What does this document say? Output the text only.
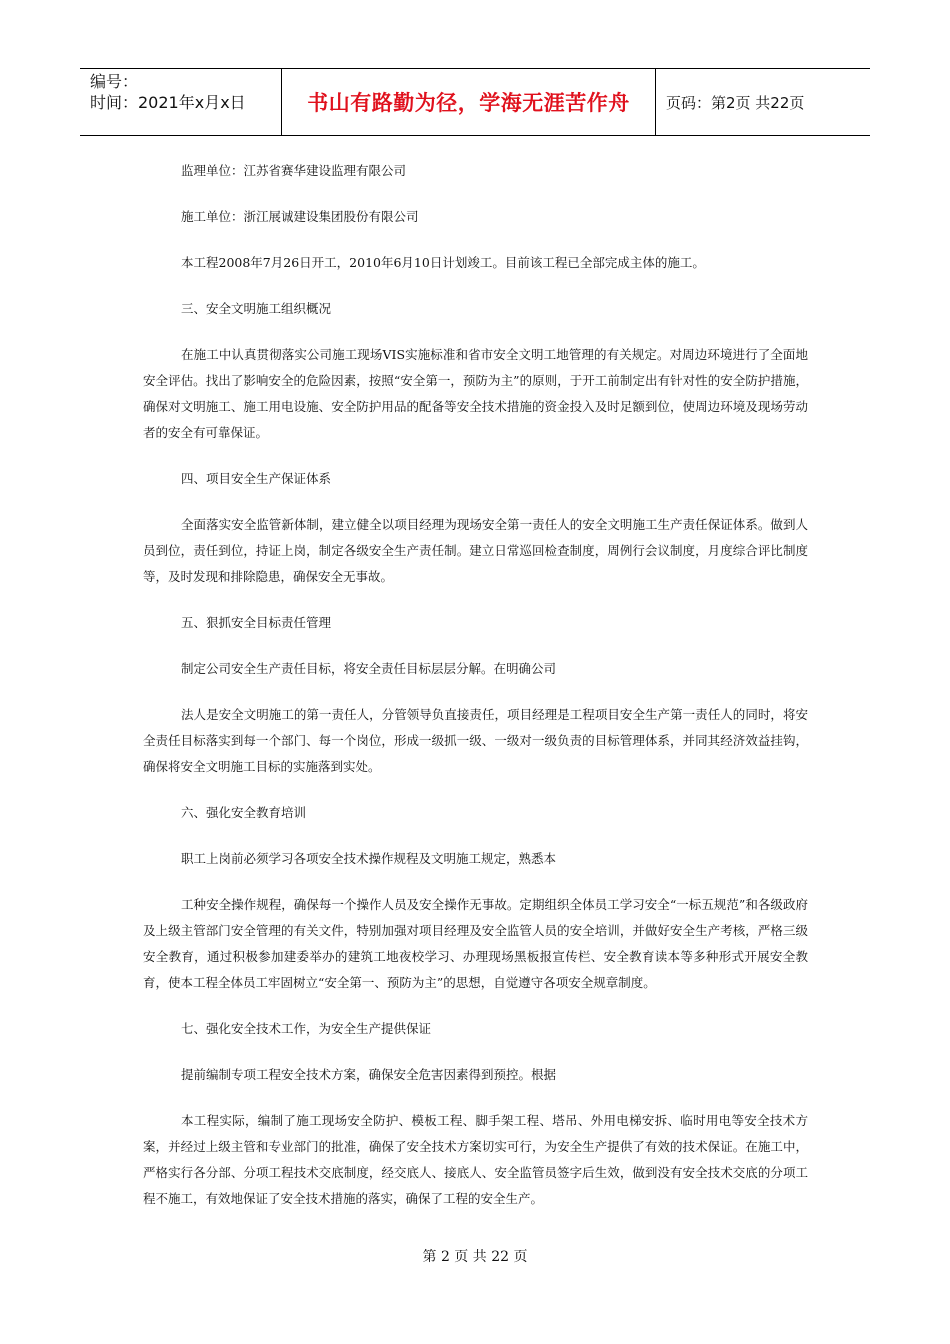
编号：
时间：2021年x月x日	书山有路勤为径，学海无涯苦作舟	页码：第2页 共22页

监理单位：江苏省赛华建设监理有限公司

施工单位：浙江展诚建设集团股份有限公司

本工程2008年7月26日开工，2010年6月10日计划竣工。目前该工程已全部完成主体的施工。

三、安全文明施工组织概况

在施工中认真贯彻落实公司施工现场VIS实施标准和省市安全文明工地管理的有关规定。对周边环境进行了全面地安全评估。找出了影响安全的危险因素，按照“安全第一，预防为主”的原则，于开工前制定出有针对性的安全防护措施，确保对文明施工、施工用电设施、安全防护用品的配备等安全技术措施的资金投入及时足额到位，使周边环境及现场劳动者的安全有可靠保证。

四、项目安全生产保证体系

全面落实安全监管新体制，建立健全以项目经理为现场安全第一责任人的安全文明施工生产责任保证体系。做到人员到位，责任到位，持证上岗，制定各级安全生产责任制。建立日常巡回检查制度，周例行会议制度，月度综合评比制度等，及时发现和排除隐患，确保安全无事故。

五、狠抓安全目标责任管理

制定公司安全生产责任目标，将安全责任目标层层分解。在明确公司

法人是安全文明施工的第一责任人，分管领导负直接责任，项目经理是工程项目安全生产第一责任人的同时，将安全责任目标落实到每一个部门、每一个岗位，形成一级抓一级、一级对一级负责的目标管理体系，并同其经济效益挂钩，确保将安全文明施工目标的实施落到实处。

六、强化安全教育培训

职工上岗前必须学习各项安全技术操作规程及文明施工规定，熟悉本

工种安全操作规程，确保每一个操作人员及安全操作无事故。定期组织全体员工学习安全“一标五规范”和各级政府及上级主管部门安全管理的有关文件，特别加强对项目经理及安全监管人员的安全培训，并做好安全生产考核，严格三级安全教育，通过积极参加建委举办的建筑工地夜校学习、办理现场黑板报宣传栏、安全教育读本等多种形式开展安全教育，使本工程全体员工牢固树立“安全第一、预防为主”的思想，自觉遵守各项安全规章制度。

七、强化安全技术工作，为安全生产提供保证

提前编制专项工程安全技术方案，确保安全危害因素得到预控。根据

本工程实际，编制了施工现场安全防护、模板工程、脚手架工程、塔吊、外用电梯安拆、临时用电等安全技术方案，并经过上级主管和专业部门的批准，确保了安全技术方案切实可行，为安全生产提供了有效的技术保证。在施工中，严格实行各分部、分项工程技术交底制度，经交底人、接底人、安全监管员签字后生效，做到没有安全技术交底的分项工程不施工，有效地保证了安全技术措施的落实，确保了工程的安全生产。

第 2 页 共 22 页
